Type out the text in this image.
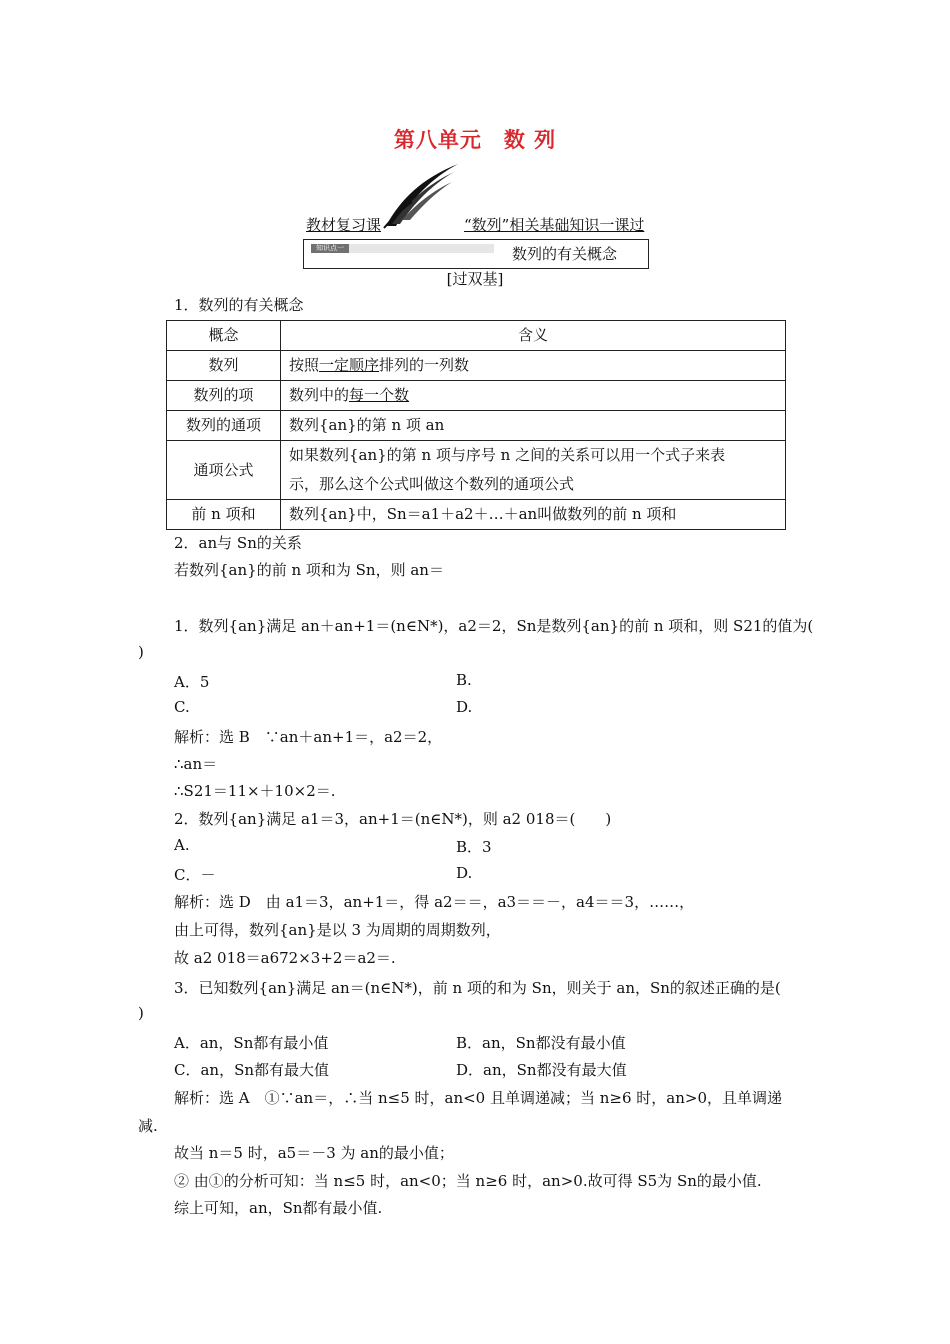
第八单元　数 列
教材复习课	“数列”相关基础知识一课过
知识点一	数列的有关概念
[过双基]
1．数列的有关概念
概念	含义
数列	按照一定顺序排列的一列数
数列的项	数列中的每一个数
数列的通项	数列{an}的第 n 项 an
通项公式	如果数列{an}的第 n 项与序号 n 之间的关系可以用一个式子来表
示，那么这个公式叫做这个数列的通项公式

前 n 项和	数列{an}中，Sn＝a1＋a2＋…＋an叫做数列的前 n 项和
2．an与 Sn的关系
若数列{an}的前 n 项和为 Sn，则 an＝
1．数列{an}满足 an＋an+1＝(n∈N*)，a2＝2，Sn是数列{an}的前 n 项和，则 S21的值为(
)
A．5	B.
C.	D.
解析：选 B　∵an＋an+1＝，a2＝2，
∴an＝
∴S21＝11×＋10×2＝.
2．数列{an}满足 a1＝3，an+1＝(n∈N*)，则 a2 018＝(　　)
A.	B．3
C．－	D.
解析：选 D　由 a1＝3，an+1＝，得 a2＝＝，a3＝＝－，a4＝＝3，……，
由上可得，数列{an}是以 3 为周期的周期数列，
故 a2 018＝a672×3+2＝a2＝.
3．已知数列{an}满足 an＝(n∈N*)，前 n 项的和为 Sn，则关于 an，Sn的叙述正确的是(
)
A．an，Sn都有最小值	B．an，Sn都没有最小值
C．an，Sn都有最大值	D．an，Sn都没有最大值
解析：选 A　①∵an＝，∴当 n≤5 时，an<0 且单调递减；当 n≥6 时，an>0，且单调递
减.
故当 n＝5 时，a5＝－3 为 an的最小值；
② 由①的分析可知：当 n≤5 时，an<0；当 n≥6 时，an>0.故可得 S5为 Sn的最小值.
综上可知，an，Sn都有最小值.
